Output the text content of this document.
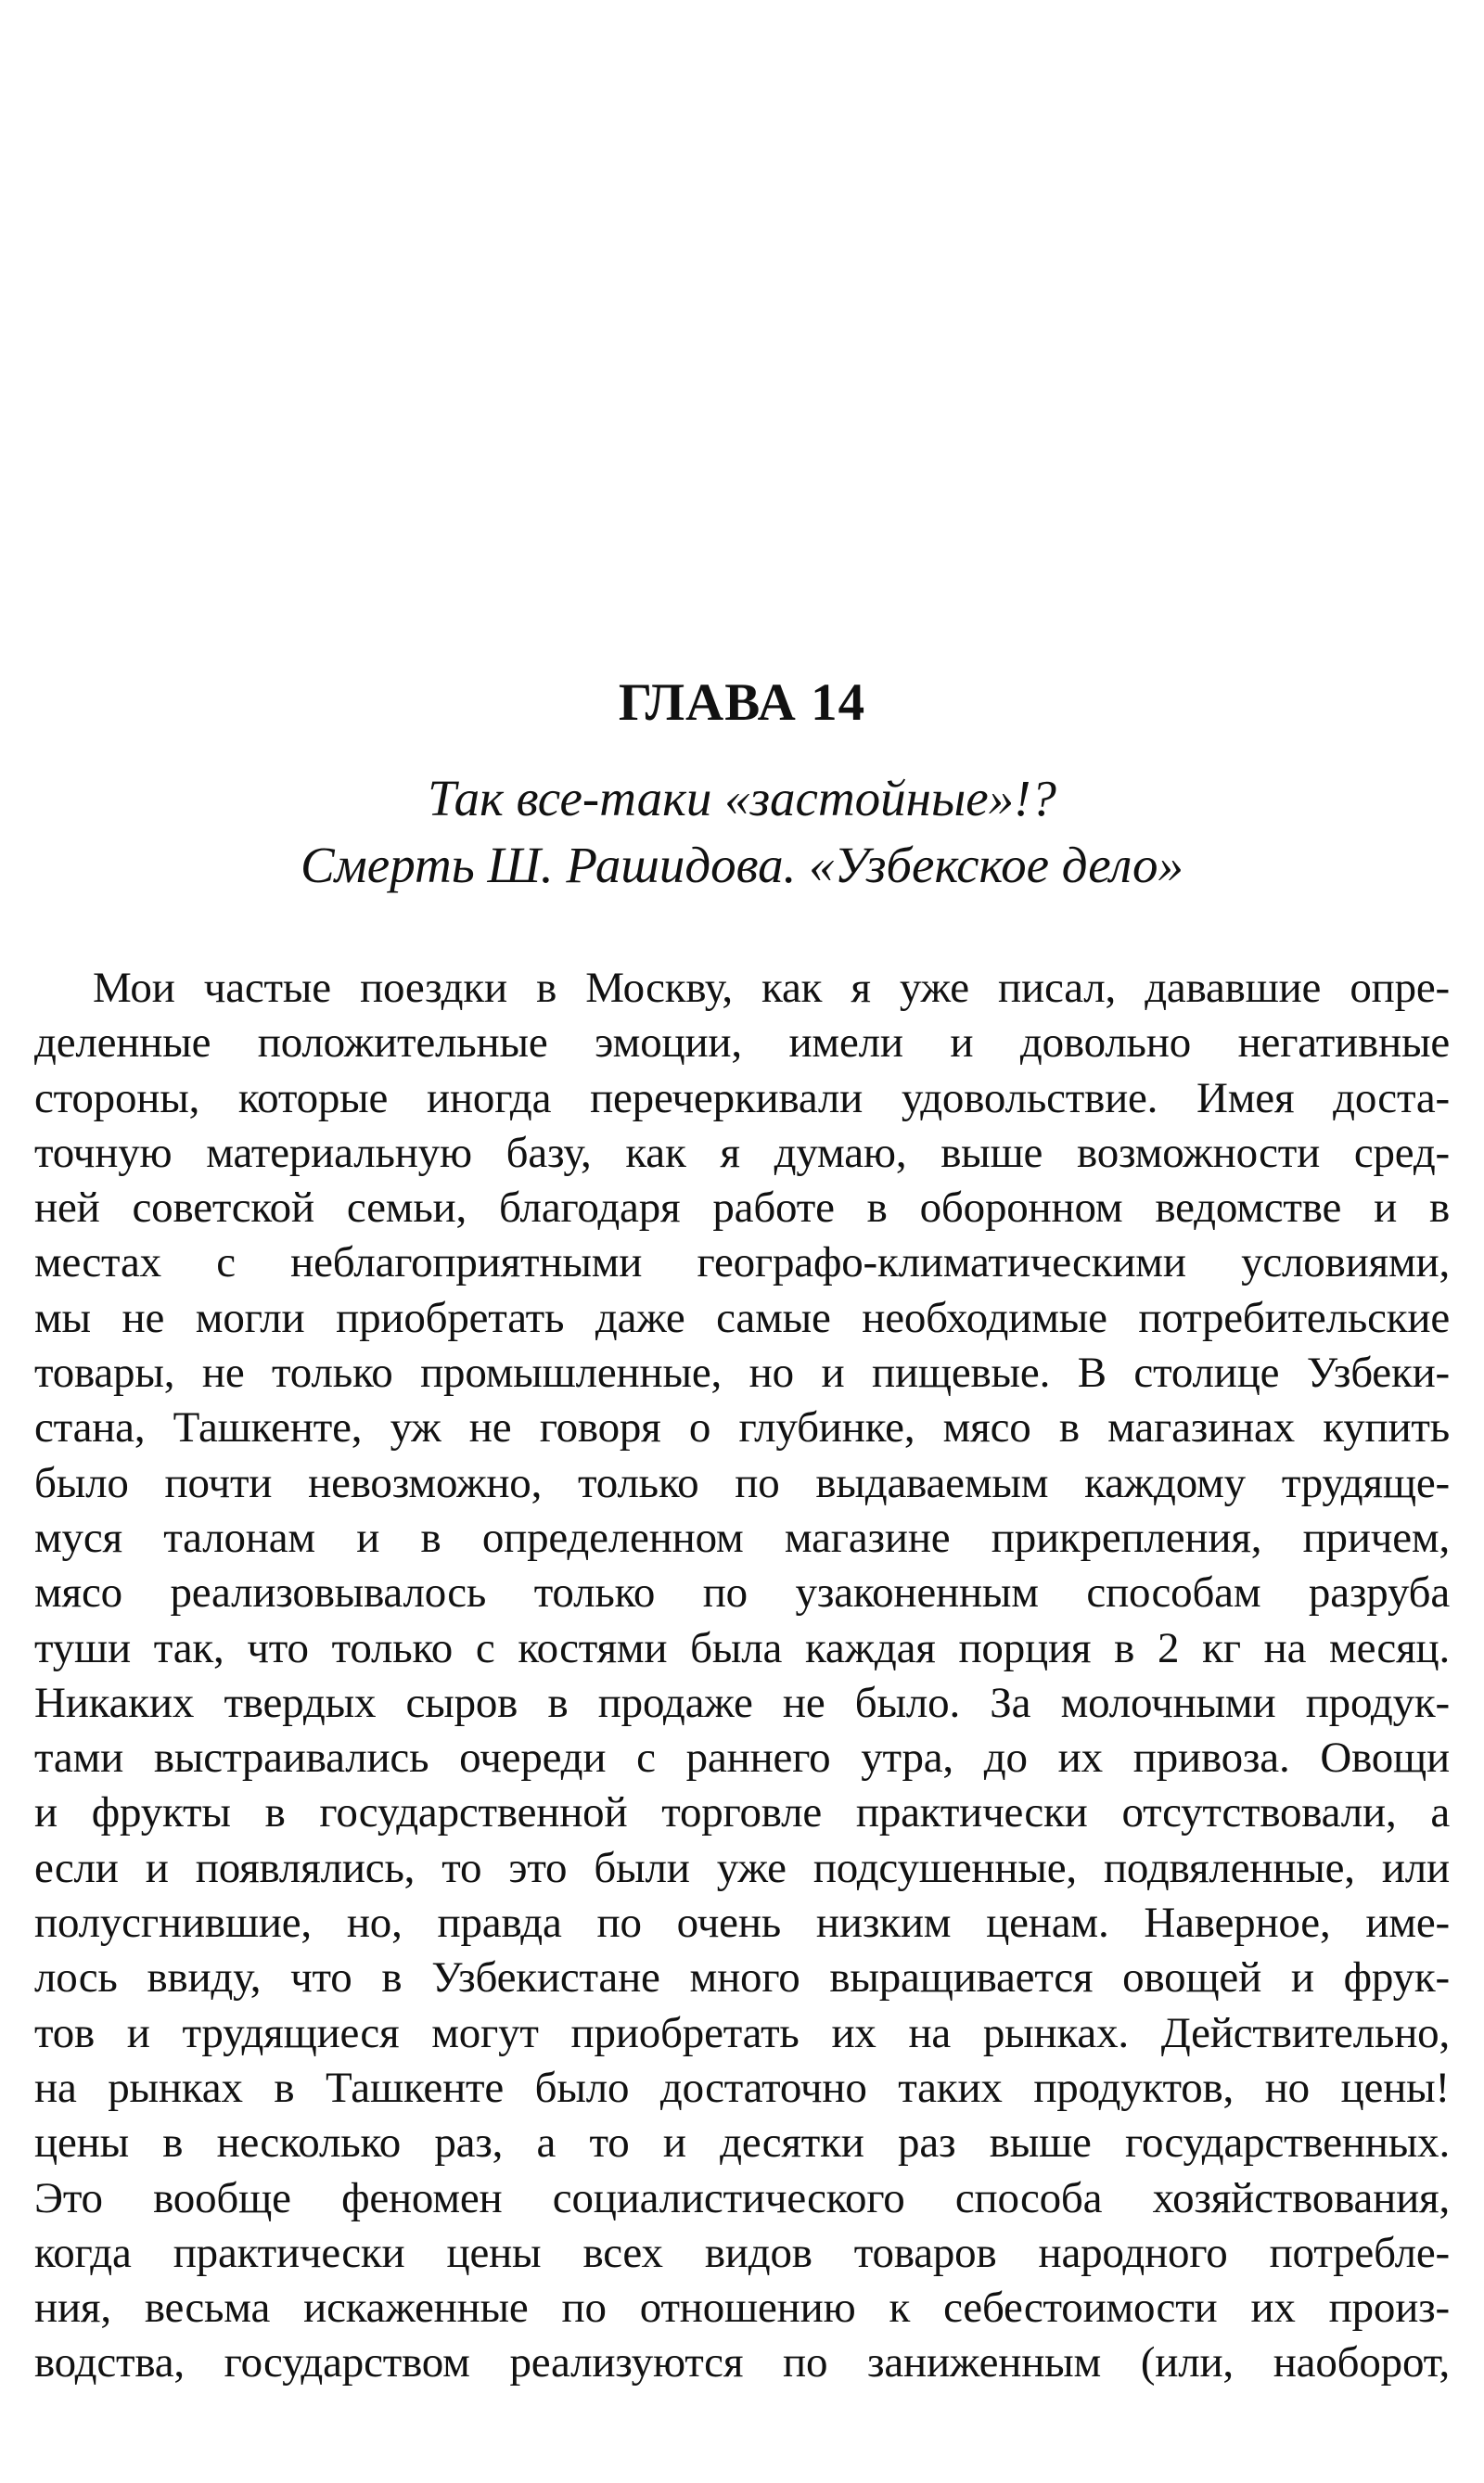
ГЛАВА 14
Так все-таки «застойные»!?
Смерть Ш. Рашидова. «Узбекское дело»
Мои частые поездки в Москву, как я уже писал, дававшие опре-
деленные положительные эмоции, имели и довольно негативные
стороны, которые иногда перечеркивали удовольствие. Имея доста-
точную материальную базу, как я думаю, выше возможности сред-
ней советской семьи, благодаря работе в оборонном ведомстве и в
местах с неблагоприятными географо-климатическими условиями,
мы не могли приобретать даже самые необходимые потребительские
товары, не только промышленные, но и пищевые. В столице Узбеки-
стана, Ташкенте, уж не говоря о глубинке, мясо в магазинах купить
было почти невозможно, только по выдаваемым каждому трудяще-
муся талонам и в определенном магазине прикрепления, причем,
мясо реализовывалось только по узаконенным способам разруба
туши так, что только с костями была каждая порция в 2 кг на месяц.
Никаких твердых сыров в продаже не было. За молочными продук-
тами выстраивались очереди с раннего утра, до их привоза. Овощи
и фрукты в государственной торговле практически отсутствовали, а
если и появлялись, то это были уже подсушенные, подвяленные, или
полусгнившие, но, правда по очень низким ценам. Наверное, име-
лось ввиду, что в Узбекистане много выращивается овощей и фрук-
тов и трудящиеся могут приобретать их на рынках. Действительно,
на рынках в Ташкенте было достаточно таких продуктов, но цены!
цены в несколько раз, а то и десятки раз выше государственных.
Это вообще феномен социалистического способа хозяйствования,
когда практически цены всех видов товаров народного потребле-
ния, весьма искаженные по отношению к себестоимости их произ-
водства, государством реализуются по заниженным (или, наоборот,
